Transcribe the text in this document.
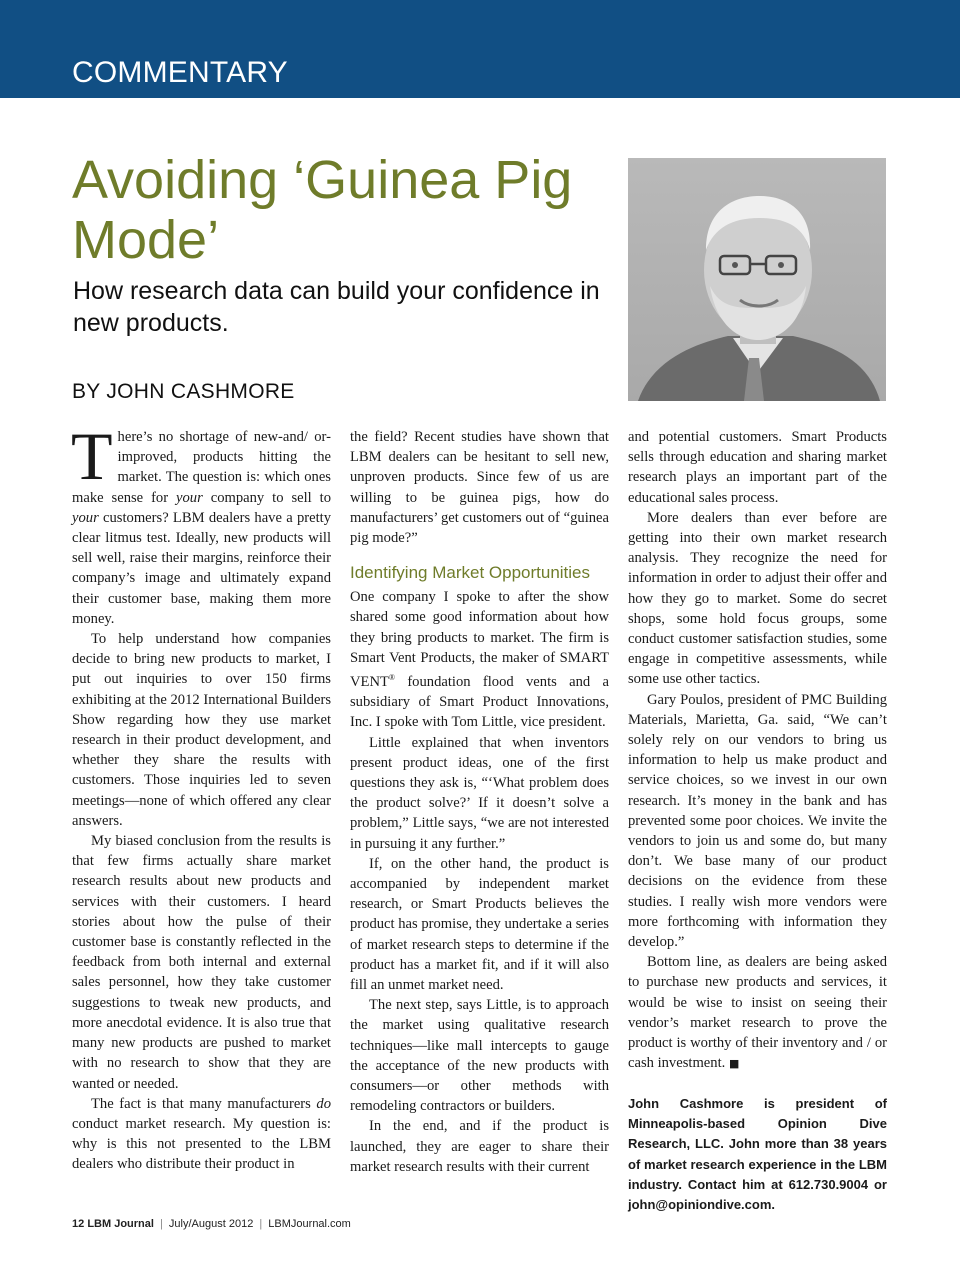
COMMENTARY
Avoiding ‘Guinea Pig Mode’
How research data can build your confidence in new products.
BY JOHN CASHMORE

There’s no shortage of new-and/ or-improved, products hitting the market. The question is: which ones make sense for your company to sell to your customers? LBM dealers have a pretty clear litmus test. Ideally, new products will sell well, raise their margins, reinforce their company’s image and ultimately expand their customer base, making them more money.

To help understand how companies decide to bring new products to market, I put out inquiries to over 150 firms exhibiting at the 2012 International Builders Show regarding how they use market research in their product development, and whether they share the results with customers. Those inquiries led to seven meetings—none of which offered any clear answers.

My biased conclusion from the results is that few firms actually share market research results about new products and services with their customers. I heard stories about how the pulse of their customer base is constantly reflected in the feedback from both internal and external sales personnel, how they take customer suggestions to tweak new products, and more anecdotal evidence. It is also true that many new products are pushed to market with no research to show that they are wanted or needed.

The fact is that many manufacturers do conduct market research. My question is: why is this not presented to the LBM dealers who distribute their product in

the field? Recent studies have shown that LBM dealers can be hesitant to sell new, unproven products. Since few of us are willing to be guinea pigs, how do manufacturers’ get customers out of “guinea pig mode?”

Identifying Market Opportunities

One company I spoke to after the show shared some good information about how they bring products to market. The firm is Smart Vent Products, the maker of SMART VENT® foundation flood vents and a subsidiary of Smart Product Innovations, Inc. I spoke with Tom Little, vice president.

Little explained that when inventors present product ideas, one of the first questions they ask is, “‘What problem does the product solve?’ If it doesn’t solve a problem,” Little says, “we are not interested in pursuing it any further.”

If, on the other hand, the product is accompanied by independent market research, or Smart Products believes the product has promise, they undertake a series of market research steps to determine if the product has a market fit, and if it will also fill an unmet market need.

The next step, says Little, is to approach the market using qualitative research techniques—like mall intercepts to gauge the acceptance of the new products with consumers—or other methods with remodeling contractors or builders.

In the end, and if the product is launched, they are eager to share their market research results with their current

and potential customers. Smart Products sells through education and sharing market research plays an important part of the educational sales process.

More dealers than ever before are getting into their own market research analysis. They recognize the need for information in order to adjust their offer and how they go to market. Some do secret shops, some hold focus groups, some conduct customer satisfaction studies, some engage in competitive assessments, while some use other tactics.

Gary Poulos, president of PMC Building Materials, Marietta, Ga. said, “We can’t solely rely on our vendors to bring us information to help us make product and service choices, so we invest in our own research. It’s money in the bank and has prevented some poor choices. We invite the vendors to join us and some do, but many don’t. We base many of our product decisions on the evidence from these studies. I really wish more vendors were more forthcoming with information they develop.”

Bottom line, as dealers are being asked to purchase new products and services, it would be wise to insist on seeing their vendor’s market research to prove the product is worthy of their inventory and / or cash investment. ■

John Cashmore is president of Minneapolis-based Opinion Dive Research, LLC. John more than 38 years of market research experience in the LBM industry. Contact him at 612.730.9004 or john@opiniondive.com.
12 LBM Journal | July/August 2012 | LBMJournal.com
